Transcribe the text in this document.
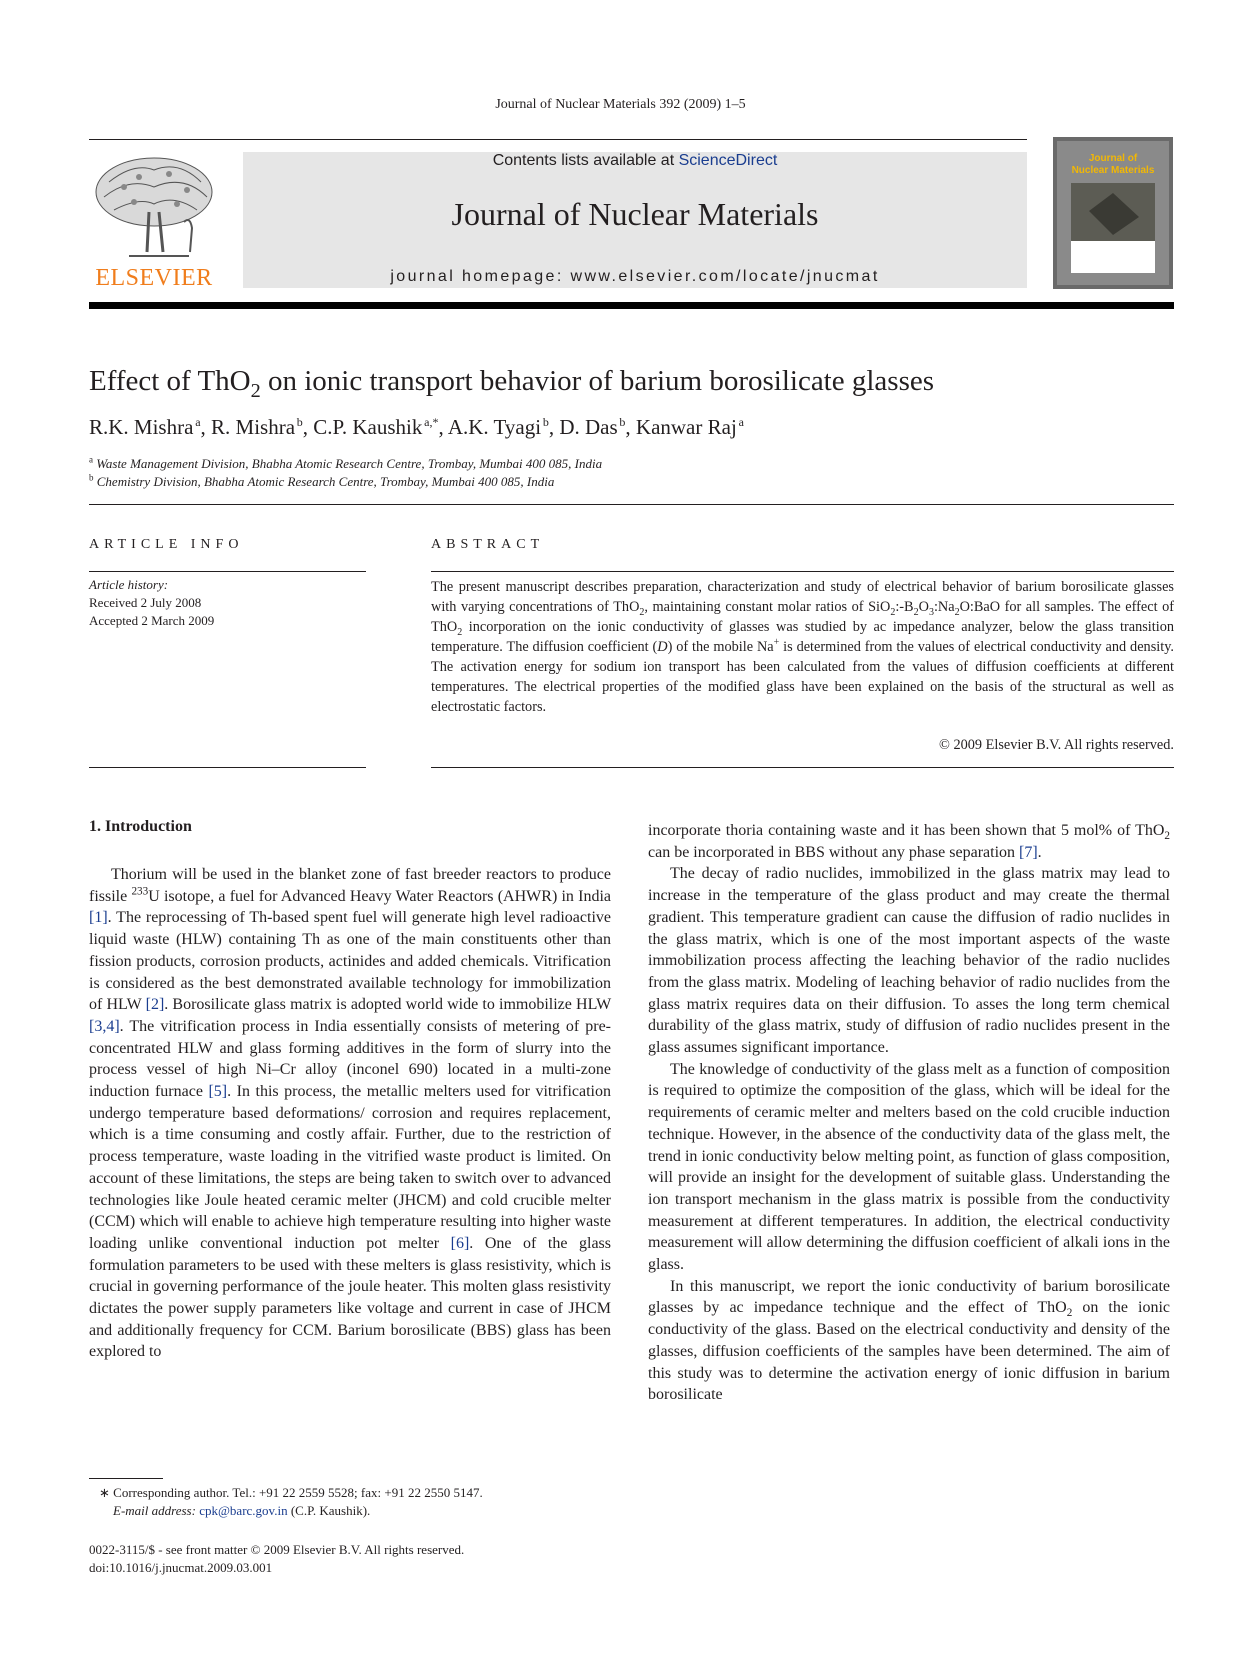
Journal of Nuclear Materials 392 (2009) 1–5
ELSEVIER
Contents lists available at ScienceDirect
Journal of Nuclear Materials
journal homepage: www.elsevier.com/locate/jnucmat
Journal of
Nuclear Materials
Effect of ThO$_2$ on ionic transport behavior of barium borosilicate glasses
R.K. Mishra  $^a$, R. Mishra  $^b$, C.P. Kaushik  $^{a,*}$, A.K. Tyagi  $^b$, D. Das  $^b$, Kanwar Raj  $^a$
$^a$ Waste Management Division, Bhabha Atomic Research Centre, Trombay, Mumbai 400 085, India
$^b$ Chemistry Division, Bhabha Atomic Research Centre, Trombay, Mumbai 400 085, India
ARTICLE INFO
Article history:
Received 2 July 2008
Accepted 2 March 2009
ABSTRACT
The present manuscript describes preparation, characterization and study of electrical behavior of barium borosilicate glasses with varying concentrations of ThO$_2$, maintaining constant molar ratios of $SiO_2:-B_2O_3:Na_2O:BaO$ for all samples. The effect of ThO$_2$ incorporation on the ionic conductivity of glasses was studied by ac impedance analyzer, below the glass transition temperature. The diffusion coefficient (D) of the mobile Na+ is determined from the values of electrical conductivity and density. The activation energy for sodium ion transport has been calculated from the values of diffusion coefficients at different temperatures. The electrical properties of the modified glass have been explained on the basis of the structural as well as electrostatic factors.
© 2009 Elsevier B.V. All rights reserved.
1. Introduction

Thorium will be used in the blanket zone of fast breeder reactors to produce fissile $^{233}$U isotope, a fuel for Advanced Heavy Water Reactors (AHWR) in India [1]. The reprocessing of Th-based spent fuel will generate high level radioactive liquid waste (HLW) containing Th as one of the main constituents other than fission products, corrosion products, actinides and added chemicals. Vitrification is considered as the best demonstrated available technology for immobilization of HLW [2]. Borosilicate glass matrix is adopted world wide to immobilize HLW [3,4]. The vitrification process in India essentially consists of metering of pre-concentrated HLW and glass forming additives in the form of slurry into the process vessel of high Ni–Cr alloy (inconel 690) located in a multi-zone induction furnace [5]. In this process, the metallic melters used for vitrification undergo temperature based deformations/ corrosion and requires replacement, which is a time consuming and costly affair. Further, due to the restriction of process temperature, waste loading in the vitrified waste product is limited. On account of these limitations, the steps are being taken to switch over to advanced technologies like Joule heated ceramic melter (JHCM) and cold crucible melter (CCM) which will enable to achieve high temperature resulting into higher waste loading unlike conventional induction pot melter [6]. One of the glass formulation parameters to be used with these melters is glass resistivity, which is crucial in governing performance of the joule heater. This molten glass resistivity dictates the power supply parameters like voltage and current in case of JHCM and additionally frequency for CCM. Barium borosilicate (BBS) glass has been explored to

incorporate thoria containing waste and it has been shown that 5 mol% of ThO$_2$ can be incorporated in BBS without any phase separation [7].

The decay of radio nuclides, immobilized in the glass matrix may lead to increase in the temperature of the glass product and may create the thermal gradient. This temperature gradient can cause the diffusion of radio nuclides in the glass matrix, which is one of the most important aspects of the waste immobilization process affecting the leaching behavior of the radio nuclides from the glass matrix. Modeling of leaching behavior of radio nuclides from the glass matrix requires data on their diffusion. To asses the long term chemical durability of the glass matrix, study of diffusion of radio nuclides present in the glass assumes significant importance.

The knowledge of conductivity of the glass melt as a function of composition is required to optimize the composition of the glass, which will be ideal for the requirements of ceramic melter and melters based on the cold crucible induction technique. However, in the absence of the conductivity data of the glass melt, the trend in ionic conductivity below melting point, as function of glass composition, will provide an insight for the development of suitable glass. Understanding the ion transport mechanism in the glass matrix is possible from the conductivity measurement at different temperatures. In addition, the electrical conductivity measurement will allow determining the diffusion coefficient of alkali ions in the glass.

In this manuscript, we report the ionic conductivity of barium borosilicate glasses by ac impedance technique and the effect of ThO$_2$ on the ionic conductivity of the glass. Based on the electrical conductivity and density of the glasses, diffusion coefficients of the samples have been determined. The aim of this study was to determine the activation energy of ionic diffusion in barium borosilicate

∗ Corresponding author. Tel.: +91 22 2559 5528; fax: +91 22 2550 5147.
E-mail address: cpk@barc.gov.in (C.P. Kaushik).
0022-3115/$ - see front matter © 2009 Elsevier B.V. All rights reserved.
doi:10.1016/j.jnucmat.2009.03.001
